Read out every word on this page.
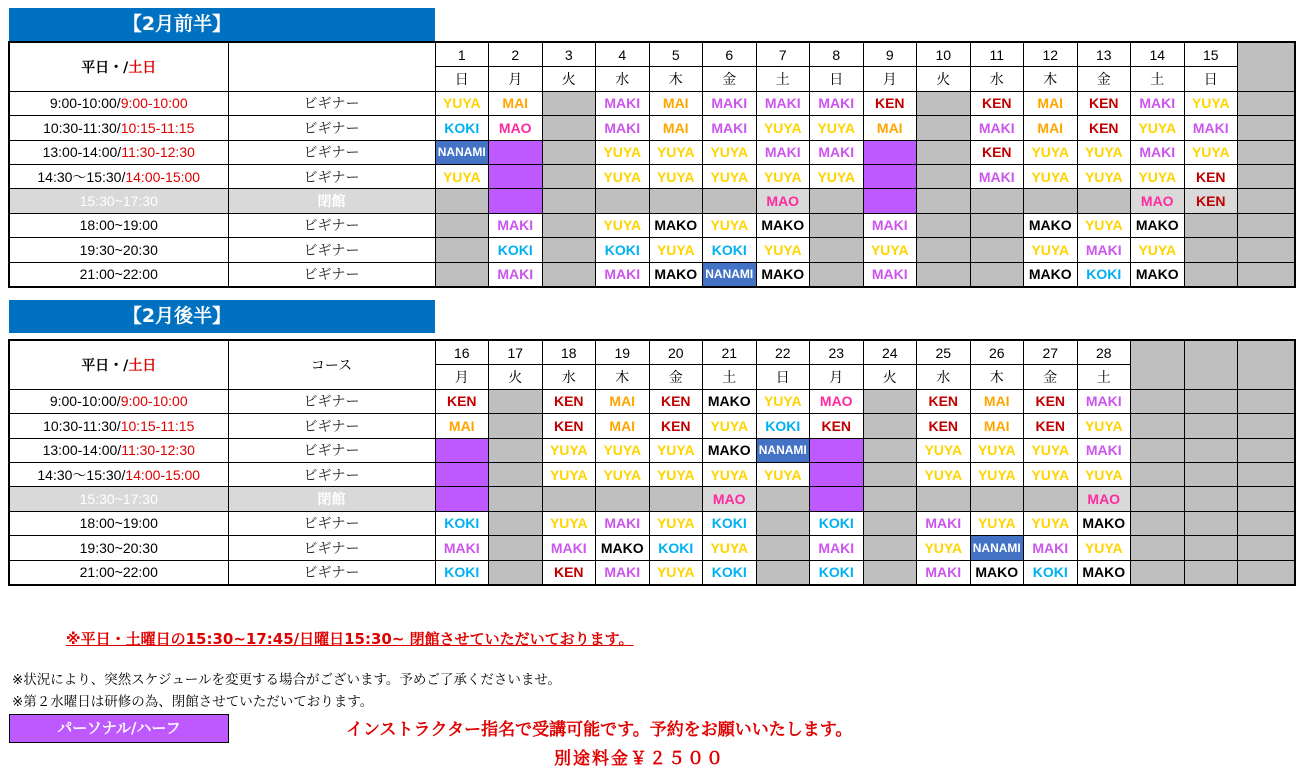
【2月前半】
平日・/土日		1	2	3	4	5	6	7	8	9	10	11	12	13	14	15	
		日	月	火	水	木	金	土	日	月	火	水	木	金	土	日	
9:00-10:00/9:00-10:00	ビギナー	YUYA	MAI		MAKI	MAI	MAKI	MAKI	MAKI	KEN		KEN	MAI	KEN	MAKI	YUYA	
10:30-11:30/10:15-11:15	ビギナー	KOKI	MAO		MAKI	MAI	MAKI	YUYA	YUYA	MAI		MAKI	MAI	KEN	YUYA	MAKI	
13:00-14:00/11:30-12:30	ビギナー	NANAMI			YUYA	YUYA	YUYA	MAKI	MAKI			KEN	YUYA	YUYA	MAKI	YUYA	
14:30～15:30/14:00-15:00	ビギナー	YUYA			YUYA	YUYA	YUYA	YUYA	YUYA			MAKI	YUYA	YUYA	YUYA	KEN	
15:30~17:30	閉館							MAO							MAO	KEN	
18:00~19:00	ビギナー		MAKI		YUYA	MAKO	YUYA	MAKO		MAKI			MAKO	YUYA	MAKO		
19:30~20:30	ビギナー		KOKI		KOKI	YUYA	KOKI	YUYA		YUYA			YUYA	MAKI	YUYA		
21:00~22:00	ビギナー		MAKI		MAKI	MAKO	NANAMI	MAKO		MAKI			MAKO	KOKI	MAKO		
【2月後半】
平日・/土日	コース	16	17	18	19	20	21	22	23	24	25	26	27	28			
		月	火	水	木	金	土	日	月	火	水	木	金	土			
9:00-10:00/9:00-10:00	ビギナー	KEN		KEN	MAI	KEN	MAKO	YUYA	MAO		KEN	MAI	KEN	MAKI			
10:30-11:30/10:15-11:15	ビギナー	MAI		KEN	MAI	KEN	YUYA	KOKI	KEN		KEN	MAI	KEN	YUYA			
13:00-14:00/11:30-12:30	ビギナー			YUYA	YUYA	YUYA	MAKO	NANAMI			YUYA	YUYA	YUYA	MAKI			
14:30～15:30/14:00-15:00	ビギナー			YUYA	YUYA	YUYA	YUYA	YUYA			YUYA	YUYA	YUYA	YUYA			
15:30~17:30	閉館						MAO							MAO			
18:00~19:00	ビギナー	KOKI		YUYA	MAKI	YUYA	KOKI		KOKI		MAKI	YUYA	YUYA	MAKO			
19:30~20:30	ビギナー	MAKI		MAKI	MAKO	KOKI	YUYA		MAKI		YUYA	NANAMI	MAKI	YUYA			
21:00~22:00	ビギナー	KOKI		KEN	MAKI	YUYA	KOKI		KOKI		MAKI	MAKO	KOKI	MAKO			
※平日・土曜日の15:30~17:45/日曜日15:30~ 閉館させていただいております。
※状況により、突然スケジュールを変更する場合がございます。予めご了承くださいませ。
※第２水曜日は研修の為、閉館させていただいております。
パーソナル/ハーフ	インストラクター指名で受講可能です。予約をお願いいたします。
別途料金￥２５００
